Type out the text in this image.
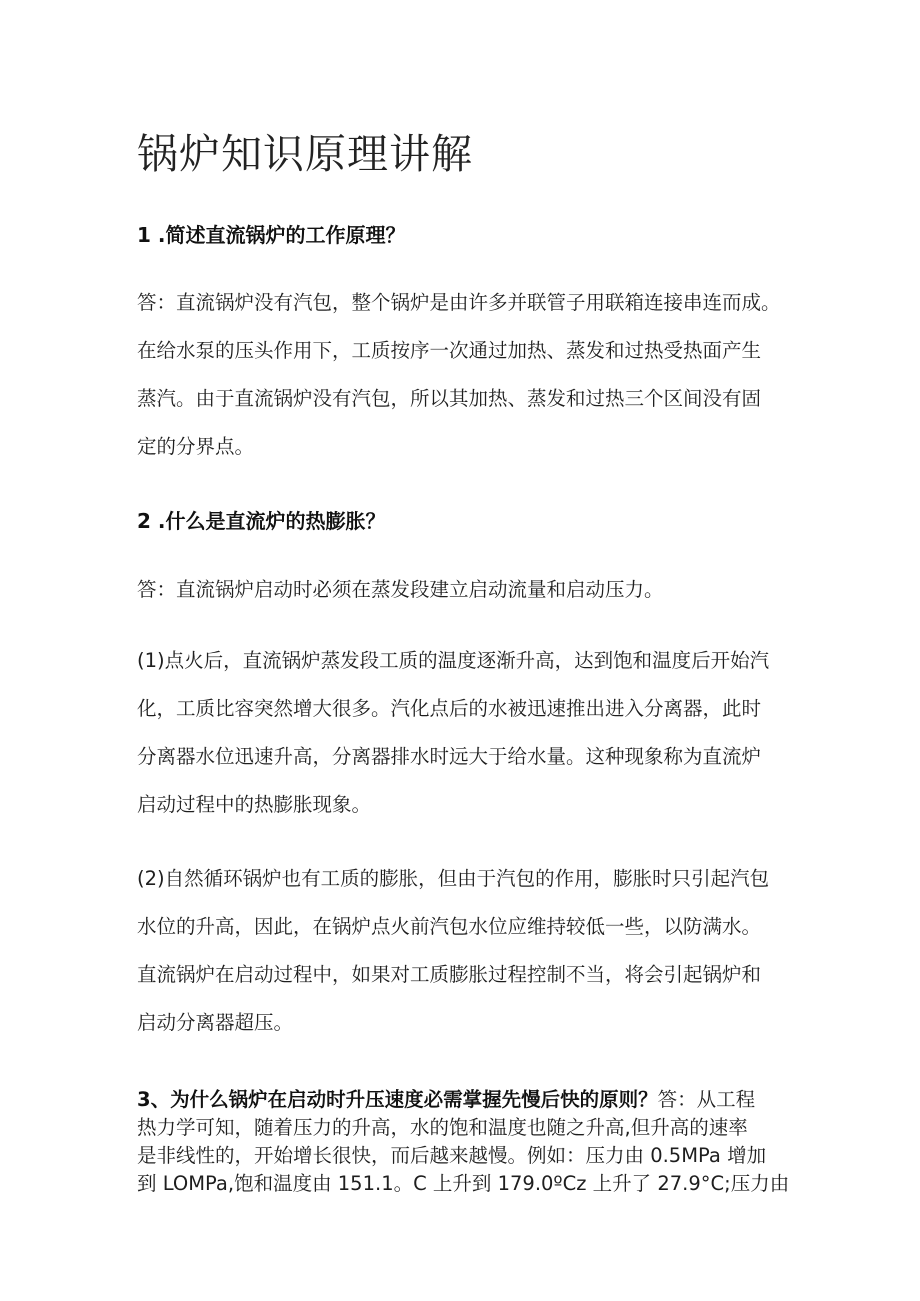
锅炉知识原理讲解
1 .简述直流锅炉的工作原理？
答：直流锅炉没有汽包，整个锅炉是由许多并联管子用联箱连接串连而成。
在给水泵的压头作用下，工质按序一次通过加热、蒸发和过热受热面产生
蒸汽。由于直流锅炉没有汽包，所以其加热、蒸发和过热三个区间没有固
定的分界点。
2 .什么是直流炉的热膨胀？
答：直流锅炉启动时必须在蒸发段建立启动流量和启动压力。
(1)点火后，直流锅炉蒸发段工质的温度逐渐升高，达到饱和温度后开始汽
化，工质比容突然增大很多。汽化点后的水被迅速推出进入分离器，此时
分离器水位迅速升高，分离器排水时远大于给水量。这种现象称为直流炉
启动过程中的热膨胀现象。
(2)自然循环锅炉也有工质的膨胀，但由于汽包的作用，膨胀时只引起汽包
水位的升高，因此，在锅炉点火前汽包水位应维持较低一些，以防满水。
直流锅炉在启动过程中，如果对工质膨胀过程控制不当，将会引起锅炉和
启动分离器超压。
3、为什么锅炉在启动时升压速度必需掌握先慢后快的原则？答：从工程
热力学可知，随着压力的升高，水的饱和温度也随之升高,但升高的速率
是非线性的，开始增长很快，而后越来越慢。例如：压力由 0.5MPa 增加
到 LOMPa,饱和温度由 151.1。C 上升到 179.0ºCz 上升了 27.9°C;压力由
